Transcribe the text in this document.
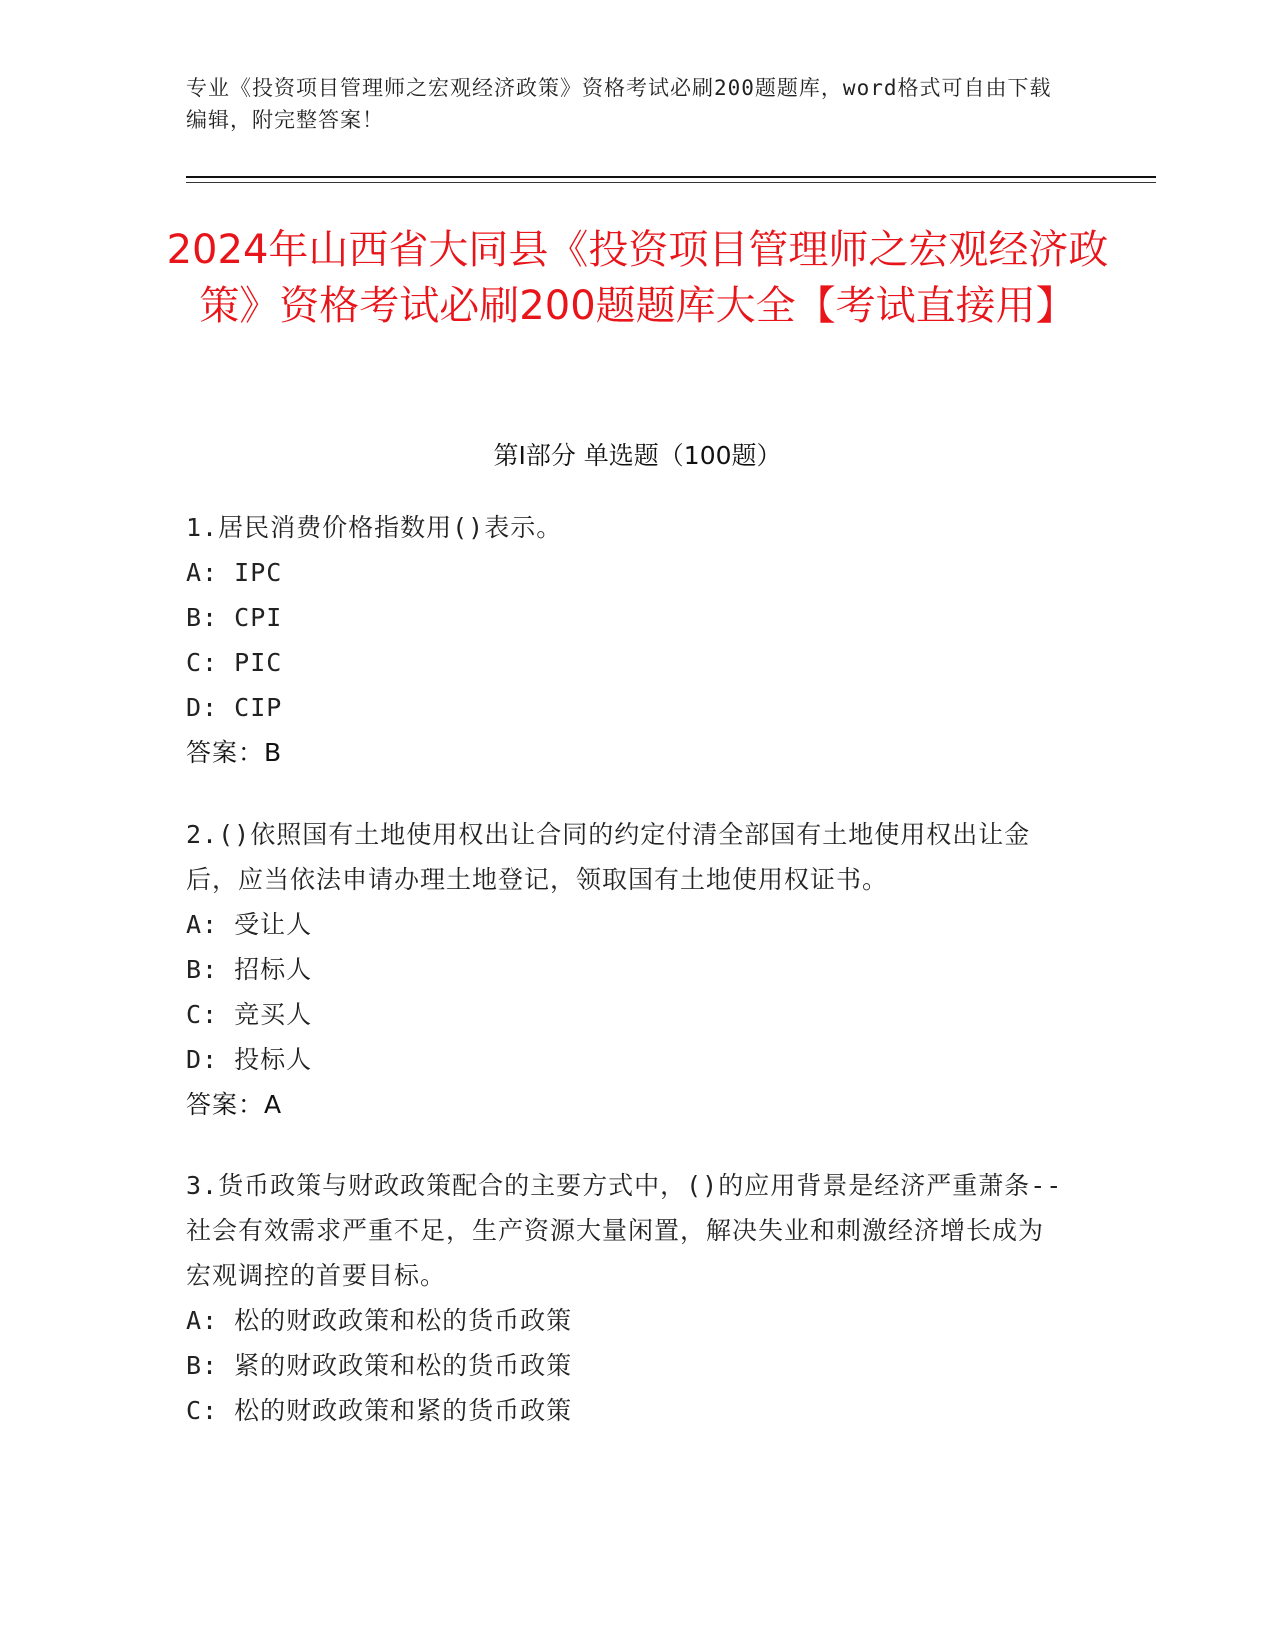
专业《投资项目管理师之宏观经济政策》资格考试必刷200题题库，word格式可自由下载编辑，附完整答案！
2024年山西省大同县《投资项目管理师之宏观经济政策》资格考试必刷200题题库大全【考试直接用】
第Ⅰ部分 单选题（100题）
1.居民消费价格指数用()表示。
A: IPC
B: CPI
C: PIC
D: CIP
答案：B
2.()依照国有土地使用权出让合同的约定付清全部国有土地使用权出让金后，应当依法申请办理土地登记，领取国有土地使用权证书。
A: 受让人
B: 招标人
C: 竞买人
D: 投标人
答案：A
3.货币政策与财政政策配合的主要方式中，()的应用背景是经济严重萧条--社会有效需求严重不足，生产资源大量闲置，解决失业和刺激经济增长成为宏观调控的首要目标。
A: 松的财政政策和松的货币政策
B: 紧的财政政策和松的货币政策
C: 松的财政政策和紧的货币政策
